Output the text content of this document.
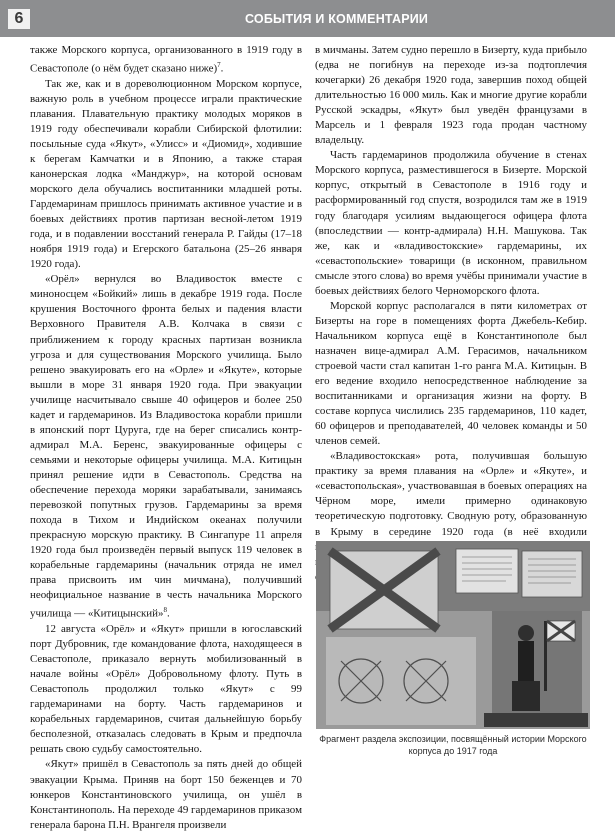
6	СОБЫТИЯ И КОММЕНТАРИИ

также Морского корпуса, организованного в 1919 году в Севастополе (о нём будет сказано ниже)$^7$.

Так же, как и в дореволюционном Морском корпусе, важную роль в учебном процессе играли практические плавания. Плавательную практику молодых моряков в 1919 году обеспечивали корабли Сибирской флотилии: посыльные суда «Якут», «Улисс» и «Диомид», ходившие к берегам Камчатки и в Японию, а также старая канонерская лодка «Манджур», на которой основам морского дела обучались воспитанники младшей роты. Гардемаринам пришлось принимать активное участие и в боевых действиях против партизан весной-летом 1919 года, и в подавлении восстаний генерала Р. Гайды (17–18 ноября 1919 года) и Егерского батальона (25–26 января 1920 года).

«Орёл» вернулся во Владивосток вместе с миноносцем «Бойкий» лишь в декабре 1919 года. После крушения Восточного фронта белых и падения власти Верховного Правителя А.В. Колчака в связи с приближением к городу красных партизан возникла угроза и для существования Морского училища. Было решено эвакуировать его на «Орле» и «Якуте», которые вышли в море 31 января 1920 года. При эвакуации училище насчитывало свыше 40 офицеров и более 250 кадет и гардемаринов. Из Владивостока корабли пришли в японский порт Цуруга, где на берег списались контр-адмирал М.А. Беренс, эвакуированные офицеры с семьями и некоторые офицеры училища. М.А. Китицын принял решение идти в Севастополь. Средства на обеспечение перехода моряки зарабатывали, занимаясь перевозкой попутных грузов. Гардемарины за время похода в Тихом и Индийском океанах получили прекрасную морскую практику. В Сингапуре 11 апреля 1920 года был произведён первый выпуск 119 человек в корабельные гардемарины (начальник отряда не имел права присвоить им чин мичмана), получивший неофициальное название в честь начальника Морского училища — «Китицынский»$^8$.

12 августа «Орёл» и «Якут» пришли в югославский порт Дубровник, где командование флота, находящееся в Севастополе, приказало вернуть мобилизованный в начале войны «Орёл» Добровольному флоту. Путь в Севастополь продолжил только «Якут» с 99 гардемаринами на борту. Часть гардемаринов и корабельных гардемаринов, считая дальнейшую борьбу бесполезной, отказалась следовать в Крым и предпочла решать свою судьбу самостоятельно.

«Якут» пришёл в Севастополь за пять дней до общей эвакуации Крыма. Приняв на борт 150 беженцев и 70 юнкеров Константиновского училища, он ушёл в Константинополь. На переходе 49 гардемаринов приказом генерала барона П.Н. Врангеля произвели

в мичманы. Затем судно перешло в Бизерту, куда прибыло (едва не погибнув на переходе из-за подтоплечия кочегарки) 26 декабря 1920 года, завершив поход общей длительностью 16 000 миль. Как и многие другие корабли Русской эскадры, «Якут» был уведён французами в Марсель и 1 февраля 1923 года продан частному владельцу.

Часть гардемаринов продолжила обучение в стенах Морского корпуса, разместившегося в Бизерте. Морской корпус, открытый в Севастополе в 1916 году и расформированный год спустя, возродился там же в 1919 году благодаря усилиям выдающегося офицера флота (впоследствии — контр-адмирала) Н.Н. Машукова. Так же, как и «владивостокские» гардемарины, их «севастопольские» товарищи (в исконном, правильном смысле этого слова) во время учёбы принимали участие в боевых действиях белого Черноморского флота.

Морской корпус располагался в пяти километрах от Бизерты на горе в помещениях форта Джебель-Кебир. Начальником корпуса ещё в Константинополе был назначен вице-адмирал А.М. Герасимов, начальником строевой части стал капитан 1-го ранга М.А. Китицын. В его ведение входило непосредственное наблюдение за воспитанниками и организация жизни на форту. В составе корпуса числились 235 гардемаринов, 110 кадет, 60 офицеров и преподавателей, 40 человек команды и 50 членов семей.

«Владивостокская» рота, получившая большую практику за время плавания на «Орле» и «Якуте», и «севастопольская», участвовавшая в боевых операциях на Чёрном море, имели примерно одинаковую теоретическую подготовку. Сводную роту, образованную в Крыму в середине 1920 года (в неё входили

Фрагмент раздела экспозиции, посвящённый истории Морского корпуса до 1917 года
